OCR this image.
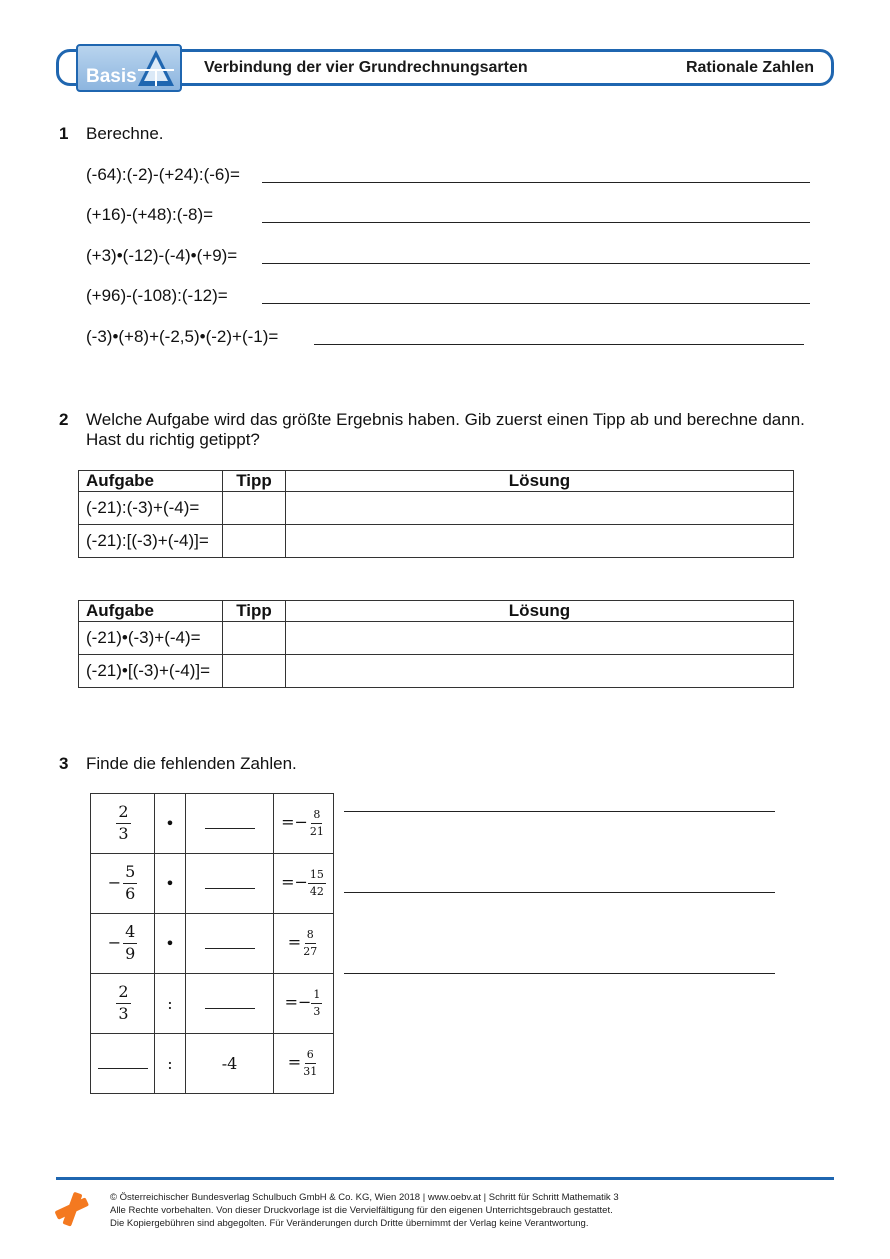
Basis	Verbindung der vier Grundrechnungsarten	Rationale Zahlen
1 Berechne.
(-64):(-2)-(+24):(-6)=
(+16)-(+48):(-8)=
(+3)•(-12)-(-4)•(+9)=
(+96)-(-108):(-12)=
(-3)•(+8)+(-2,5)•(-2)+(-1)=
2 Welche Aufgabe wird das größte Ergebnis haben. Gib zuerst einen Tipp ab und berechne dann. Hast du richtig getippt?
Aufgabe	Tipp	Lösung
(-21):(-3)+(-4)=		
(-21):[(-3)+(-4)]=		
Aufgabe	Tipp	Lösung
(-21)•(-3)+(-4)=		
(-21)•[(-3)+(-4)]=		
3 Finde die fehlenden Zahlen.
$\frac{2}{3}$	•		=− $\frac{8}{21}$

− $\frac{5}{6}$	•		=− $\frac{15}{42}$

− $\frac{4}{9}$	•		= $\frac{8}{27}$

$\frac{2}{3}$	:		=− $\frac{1}{3}$

	:	-4	= $\frac{6}{31}$
© Österreichischer Bundesverlag Schulbuch GmbH & Co. KG, Wien 2018 | www.oebv.at | Schritt für Schritt Mathematik 3
Alle Rechte vorbehalten. Von dieser Druckvorlage ist die Vervielfältigung für den eigenen Unterrichtsgebrauch gestattet.
Die Kopiergebühren sind abgegolten. Für Veränderungen durch Dritte übernimmt der Verlag keine Verantwortung.
